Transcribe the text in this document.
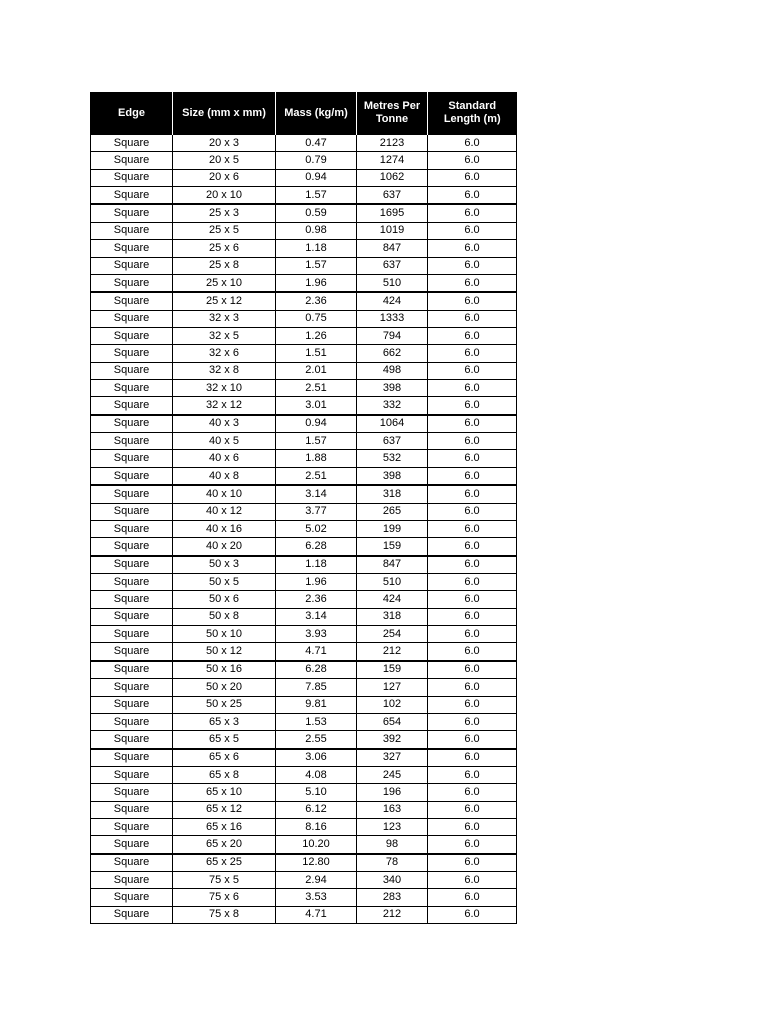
Edge	Size (mm x mm)	Mass (kg/m)	Metres Per Tonne	Standard Length (m)
Square	20 x 3	0.47	2123	6.0
Square	20 x 5	0.79	1274	6.0
Square	20 x 6	0.94	1062	6.0
Square	20 x 10	1.57	637	6.0
Square	25 x 3	0.59	1695	6.0
Square	25 x 5	0.98	1019	6.0
Square	25 x 6	1.18	847	6.0
Square	25 x 8	1.57	637	6.0
Square	25 x 10	1.96	510	6.0
Square	25 x 12	2.36	424	6.0
Square	32 x 3	0.75	1333	6.0
Square	32 x 5	1.26	794	6.0
Square	32 x 6	1.51	662	6.0
Square	32 x 8	2.01	498	6.0
Square	32 x 10	2.51	398	6.0
Square	32 x 12	3.01	332	6.0
Square	40 x 3	0.94	1064	6.0
Square	40 x 5	1.57	637	6.0
Square	40 x 6	1.88	532	6.0
Square	40 x 8	2.51	398	6.0
Square	40 x 10	3.14	318	6.0
Square	40 x 12	3.77	265	6.0
Square	40 x 16	5.02	199	6.0
Square	40 x 20	6.28	159	6.0
Square	50 x 3	1.18	847	6.0
Square	50 x 5	1.96	510	6.0
Square	50 x 6	2.36	424	6.0
Square	50 x 8	3.14	318	6.0
Square	50 x 10	3.93	254	6.0
Square	50 x 12	4.71	212	6.0
Square	50 x 16	6.28	159	6.0
Square	50 x 20	7.85	127	6.0
Square	50 x 25	9.81	102	6.0
Square	65 x 3	1.53	654	6.0
Square	65 x 5	2.55	392	6.0
Square	65 x 6	3.06	327	6.0
Square	65 x 8	4.08	245	6.0
Square	65 x 10	5.10	196	6.0
Square	65 x 12	6.12	163	6.0
Square	65 x 16	8.16	123	6.0
Square	65 x 20	10.20	98	6.0
Square	65 x 25	12.80	78	6.0
Square	75 x 5	2.94	340	6.0
Square	75 x 6	3.53	283	6.0
Square	75 x 8	4.71	212	6.0
